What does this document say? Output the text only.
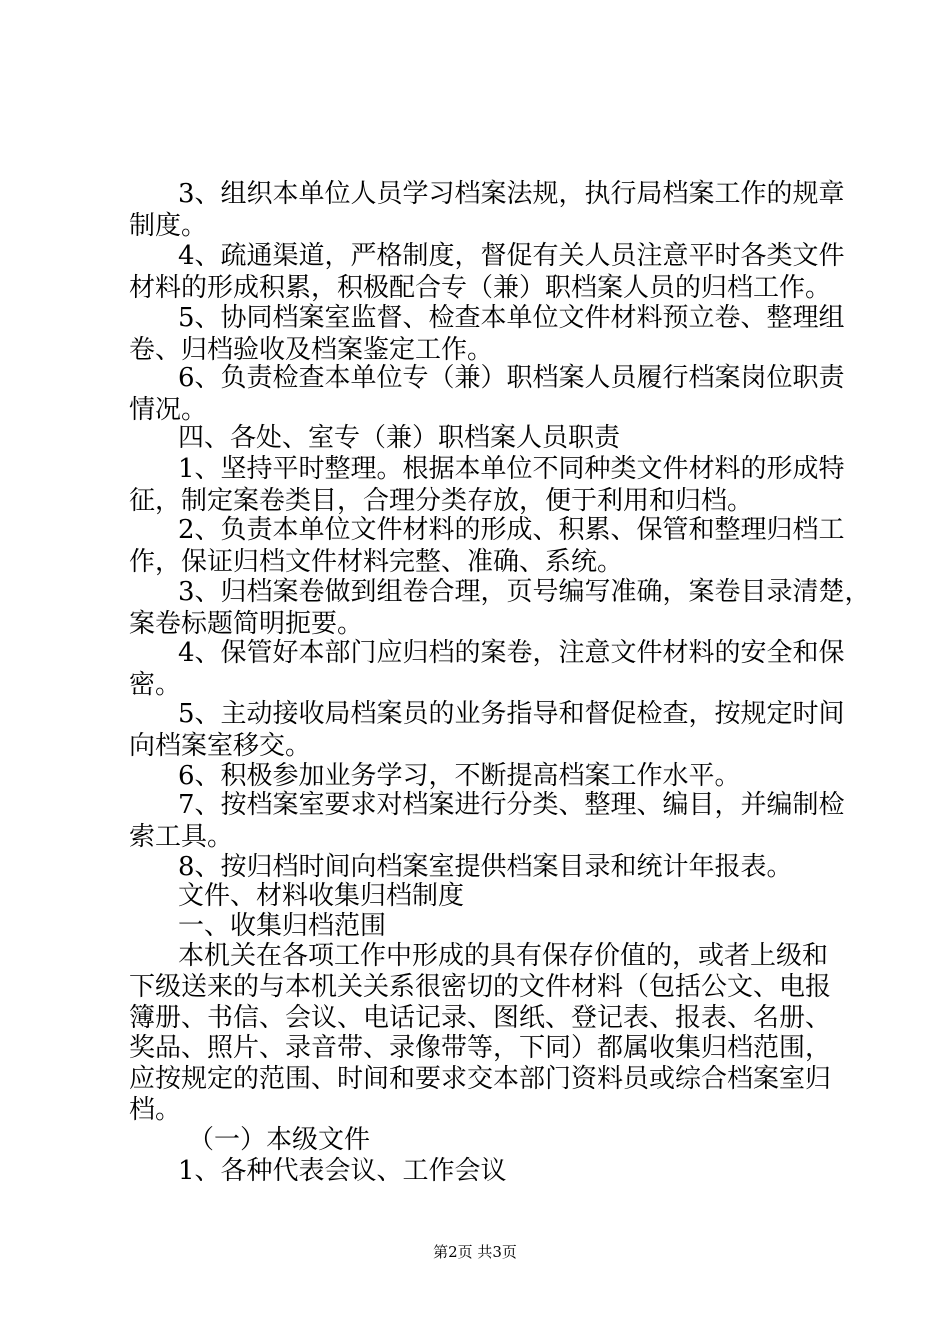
3、组织本单位人员学习档案法规，执行局档案工作的规章
制度。
4、疏通渠道，严格制度，督促有关人员注意平时各类文件
材料的形成积累，积极配合专（兼）职档案人员的归档工作。
5、协同档案室监督、检查本单位文件材料预立卷、整理组
卷、归档验收及档案鉴定工作。
6、负责检查本单位专（兼）职档案人员履行档案岗位职责
情况。
四、各处、室专（兼）职档案人员职责
1、坚持平时整理。根据本单位不同种类文件材料的形成特
征，制定案卷类目，合理分类存放，便于利用和归档。
2、负责本单位文件材料的形成、积累、保管和整理归档工
作，保证归档文件材料完整、准确、系统。
3、归档案卷做到组卷合理，页号编写准确，案卷目录清楚，
案卷标题简明扼要。
4、保管好本部门应归档的案卷，注意文件材料的安全和保
密。
5、主动接收局档案员的业务指导和督促检查，按规定时间
向档案室移交。
6、积极参加业务学习，不断提高档案工作水平。
7、按档案室要求对档案进行分类、整理、编目，并编制检
索工具。
8、按归档时间向档案室提供档案目录和统计年报表。
文件、材料收集归档制度
一、收集归档范围
本机关在各项工作中形成的具有保存价值的，或者上级和
下级送来的与本机关关系很密切的文件材料（包括公文、电报
簿册、书信、会议、电话记录、图纸、登记表、报表、名册、
奖品、照片、录音带、录像带等，下同）都属收集归档范围，
应按规定的范围、时间和要求交本部门资料员或综合档案室归
档。
（一）本级文件
1、各种代表会议、工作会议
第2页 共3页
